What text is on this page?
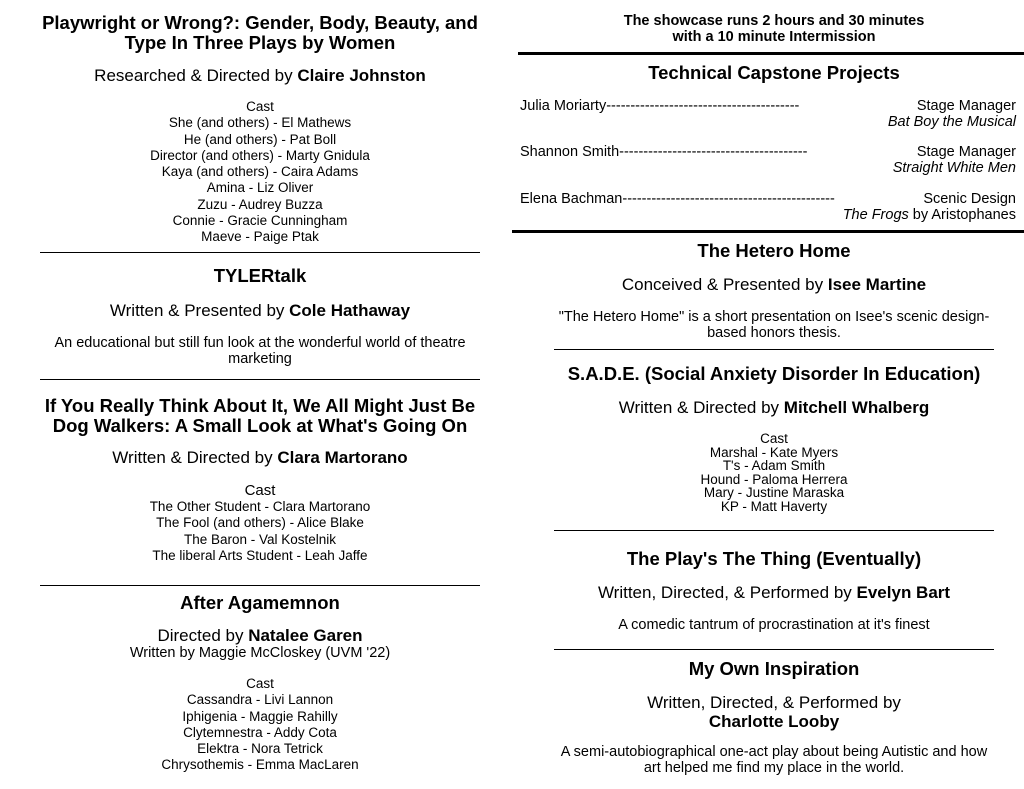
Playwright or Wrong?: Gender, Body, Beauty, and
Type In Three Plays by Women
Researched & Directed by Claire Johnston
Cast
She (and others) - El Mathews
He (and others) - Pat Boll
Director (and others) - Marty Gnidula
Kaya (and others) - Caira Adams
Amina - Liz Oliver
Zuzu - Audrey Buzza
Connie - Gracie Cunningham
Maeve - Paige Ptak
TYLERtalk
Written & Presented by Cole Hathaway
An educational but still fun look at the wonderful world of theatre
marketing
If You Really Think About It, We All Might Just Be
Dog Walkers: A Small Look at What's Going On
Written & Directed by Clara Martorano
Cast
The Other Student - Clara Martorano
The Fool (and others) - Alice Blake
The Baron - Val Kostelnik
The liberal Arts Student - Leah Jaffe
After Agamemnon
Directed by Natalee Garen
Written by Maggie McCloskey (UVM '22)
Cast
Cassandra - Livi Lannon
Iphigenia - Maggie Rahilly
Clytemnestra - Addy Cota
Elektra - Nora Tetrick
Chrysothemis - Emma MacLaren
The showcase runs 2 hours and 30 minutes
with a 10 minute Intermission
Technical Capstone Projects
Julia Moriarty----------------------------------------	Stage Manager
Bat Boy the Musical
Shannon Smith---------------------------------------	Stage Manager
Straight White Men
Elena Bachman--------------------------------------------	Scenic Design
The Frogs by Aristophanes
The Hetero Home
Conceived & Presented by Isee Martine
"The Hetero Home" is a short presentation on Isee's scenic design-
based honors thesis.
S.A.D.E. (Social Anxiety Disorder In Education)
Written & Directed by Mitchell Whalberg
Cast
Marshal - Kate Myers
T's - Adam Smith
Hound - Paloma Herrera
Mary - Justine Maraska
KP - Matt Haverty
The Play's The Thing (Eventually)
Written, Directed, & Performed by Evelyn Bart
A comedic tantrum of procrastination at it's finest
My Own Inspiration
Written, Directed, & Performed by
Charlotte Looby
A semi-autobiographical one-act play about being Autistic and how
art helped me find my place in the world.
